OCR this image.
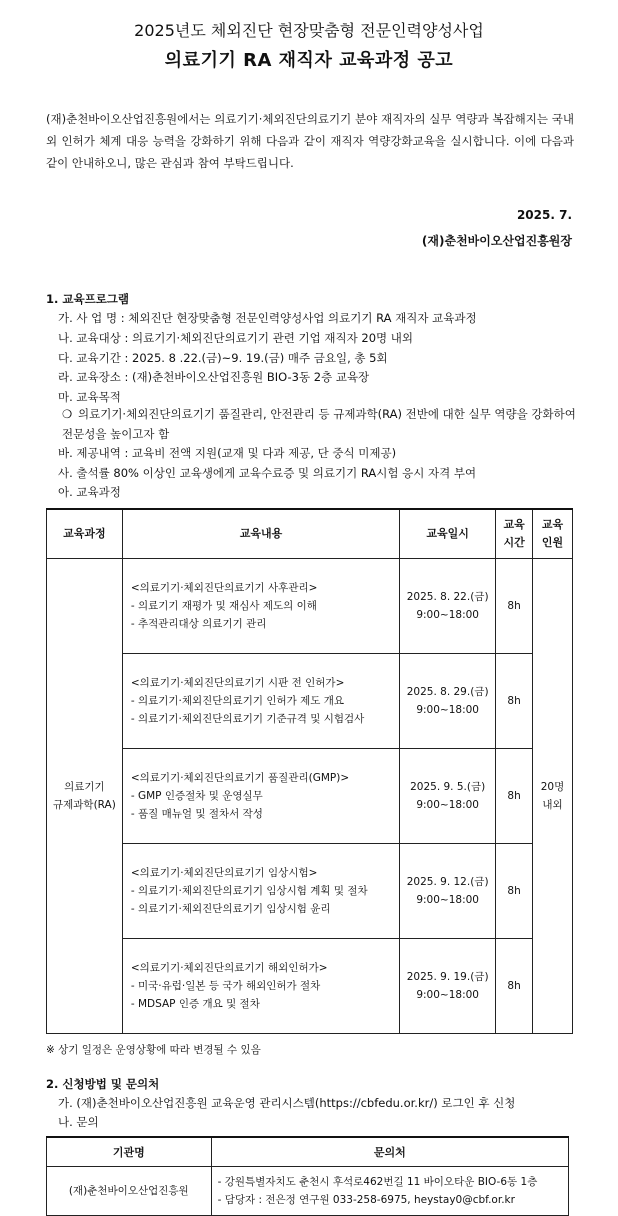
2025년도 체외진단 현장맞춤형 전문인력양성사업
의료기기 RA 재직자 교육과정 공고
(재)춘천바이오산업진흥원에서는 의료기기·체외진단의료기기 분야 재직자의 실무 역량과 복잡해지는 국내외 인허가 체계 대응 능력을 강화하기 위해 다음과 같이 재직자 역량강화교육을 실시합니다. 이에 다음과 같이 안내하오니, 많은 관심과 참여 부탁드립니다.
2025. 7.
(재)춘천바이오산업진흥원장
1. 교육프로그램
가. 사 업 명 : 체외진단 현장맞춤형 전문인력양성사업 의료기기 RA 재직자 교육과정
나. 교육대상 : 의료기기·체외진단의료기기 관련 기업 재직자 20명 내외
다. 교육기간 : 2025. 8 .22.(금)~9. 19.(금) 매주 금요일, 총 5회
라. 교육장소 : (재)춘천바이오산업진흥원 BIO-3동 2층 교육장
마. 교육목적
❍ 의료기기·체외진단의료기기 품질관리, 안전관리 등 규제과학(RA) 전반에 대한 실무 역량을 강화하여 전문성을 높이고자 함
바. 제공내역 : 교육비 전액 지원(교재 및 다과 제공, 단 중식 미제공)
사. 출석률 80% 이상인 교육생에게 교육수료증 및 의료기기 RA시험 응시 자격 부여
아. 교육과정
교육과정	교육내용	교육일시	교육
시간	교육
인원
의료기기
규제과학(RA)	<의료기기·체외진단의료기기 사후관리>
- 의료기기 재평가 및 재심사 제도의 이해
- 추적관리대상 의료기기 관리	2025. 8. 22.(금)
9:00~18:00	8h	20명
내외
	<의료기기·체외진단의료기기 시판 전 인허가>
- 의료기기·체외진단의료기기 인허가 제도 개요
- 의료기기·체외진단의료기기 기준규격 및 시험검사	2025. 8. 29.(금)
9:00~18:00	8h	
	<의료기기·체외진단의료기기 품질관리(GMP)>
- GMP 인증절차 및 운영실무
- 품질 매뉴얼 및 절차서 작성	2025. 9. 5.(금)
9:00~18:00	8h	
	<의료기기·체외진단의료기기 임상시험>
- 의료기기·체외진단의료기기 임상시험 계획 및 절차
- 의료기기·체외진단의료기기 임상시험 윤리	2025. 9. 12.(금)
9:00~18:00	8h	
	<의료기기·체외진단의료기기 해외인허가>
- 미국·유럽·일본 등 국가 해외인허가 절차
- MDSAP 인증 개요 및 절차	2025. 9. 19.(금)
9:00~18:00	8h	
※ 상기 일정은 운영상황에 따라 변경될 수 있음
2. 신청방법 및 문의처
가. (재)춘천바이오산업진흥원 교육운영 관리시스템(https://cbfedu.or.kr/) 로그인 후 신청
나. 문의
기관명	문의처
(재)춘천바이오산업진흥원	- 강원특별자치도 춘천시 후석로462번길 11 바이오타운 BIO-6동 1층
- 담당자 : 전은정 연구원 033-258-6975, heystay0@cbf.or.kr
